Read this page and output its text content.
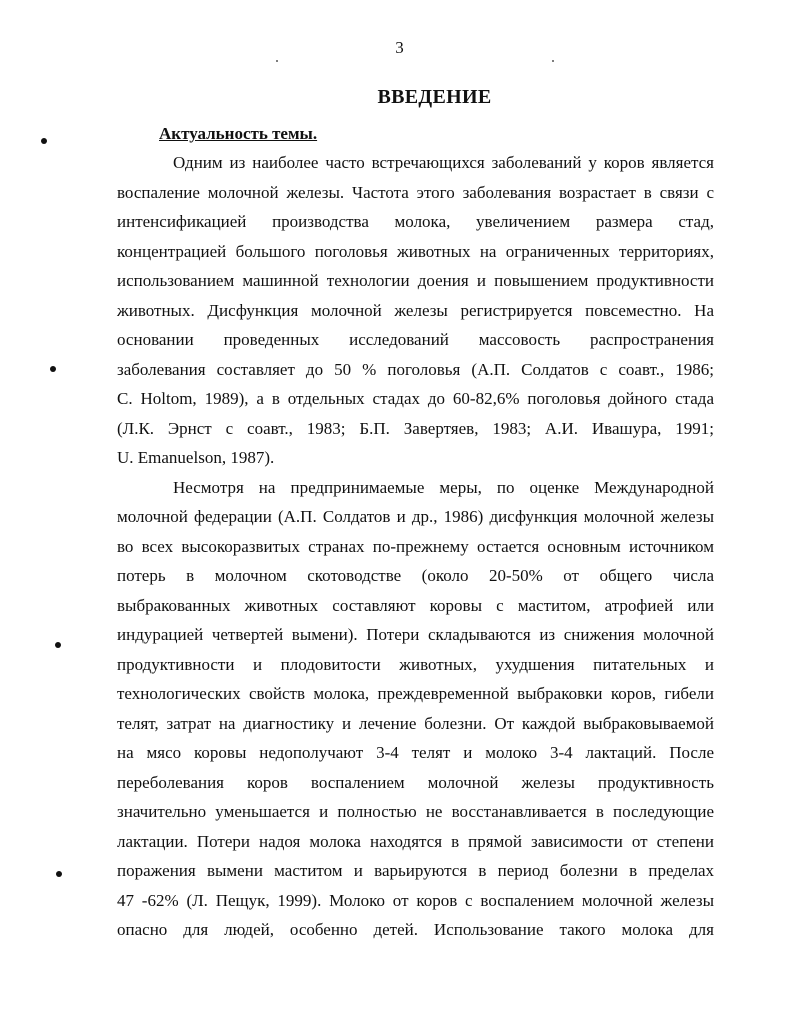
3
ВВЕДЕНИЕ
Актуальность темы.

Одним из наиболее часто встречающихся заболеваний у коров является
воспаление молочной железы. Частота этого заболевания возрастает в связи с
интенсификацией производства молока, увеличением размера стад,
концентрацией большого поголовья животных на ограниченных территориях,
использованием машинной технологии доения и повышением продуктивности
животных. Дисфункция молочной железы регистрируется повсеместно. На
основании проведенных исследований массовость распространения
заболевания составляет до 50 % поголовья (А.П. Солдатов с соавт., 1986;
C. Holtom, 1989), а в отдельных стадах до 60-82,6% поголовья дойного стада
(Л.К. Эрнст с соавт., 1983; Б.П. Завертяев, 1983; А.И. Ивашура, 1991;
U. Emanuelson, 1987).

Несмотря на предпринимаемые меры, по оценке Международной
молочной федерации (А.П. Солдатов и др., 1986) дисфункция молочной железы
во всех высокоразвитых странах по-прежнему остается основным источником
потерь в молочном скотоводстве (около 20-50% от общего числа
выбракованных животных составляют коровы с маститом, атрофией или
индурацией четвертей вымени). Потери складываются из снижения молочной
продуктивности и плодовитости животных, ухудшения питательных и
технологических свойств молока, преждевременной выбраковки коров, гибели
телят, затрат на диагностику и лечение болезни. От каждой выбраковываемой
на мясо коровы недополучают 3-4 телят и молоко 3-4 лактаций. После
переболевания коров воспалением молочной железы продуктивность
значительно уменьшается и полностью не восстанавливается в последующие
лактации. Потери надоя молока находятся в прямой зависимости от степени
поражения вымени маститом и варьируются в период болезни в пределах
47 -62% (Л. Пещук, 1999). Молоко от коров с воспалением молочной железы
опасно для людей, особенно детей. Использование такого молока для
